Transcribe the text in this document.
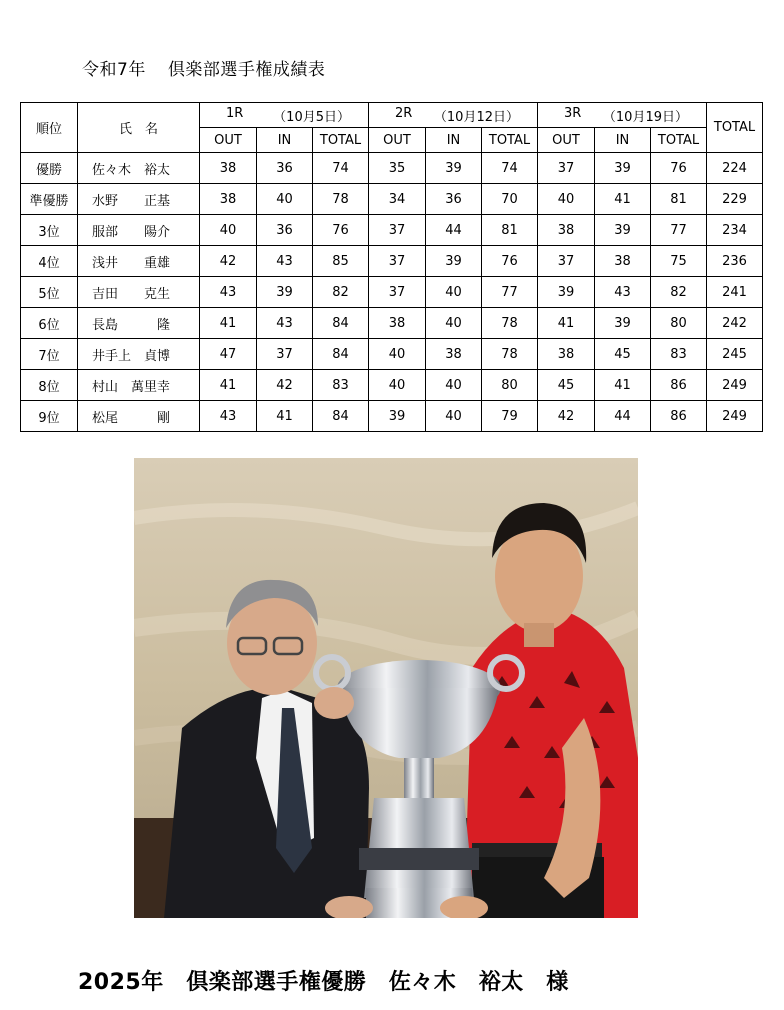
令和7年 倶楽部選手権成績表
順位	氏　名	1R （10月5日）			2R （10月12日）			3R （10月19日）			TOTAL
		OUT	IN	TOTAL	OUT	IN	TOTAL	OUT	IN	TOTAL	
優勝	佐々木　裕太	38	36	74	35	39	74	37	39	76	224
準優勝	水野　　正基	38	40	78	34	36	70	40	41	81	229
3位	服部　　陽介	40	36	76	37	44	81	38	39	77	234
4位	浅井　　重雄	42	43	85	37	39	76	37	38	75	236
5位	吉田　　克生	43	39	82	37	40	77	39	43	82	241
6位	長島　　　隆	41	43	84	38	40	78	41	39	80	242
7位	井手上　貞博	47	37	84	40	38	78	38	45	83	245
8位	村山　萬里幸	41	42	83	40	40	80	45	41	86	249
9位	松尾　　　剛	43	41	84	39	40	79	42	44	86	249
2025年　倶楽部選手権優勝　佐々木　裕太　様
